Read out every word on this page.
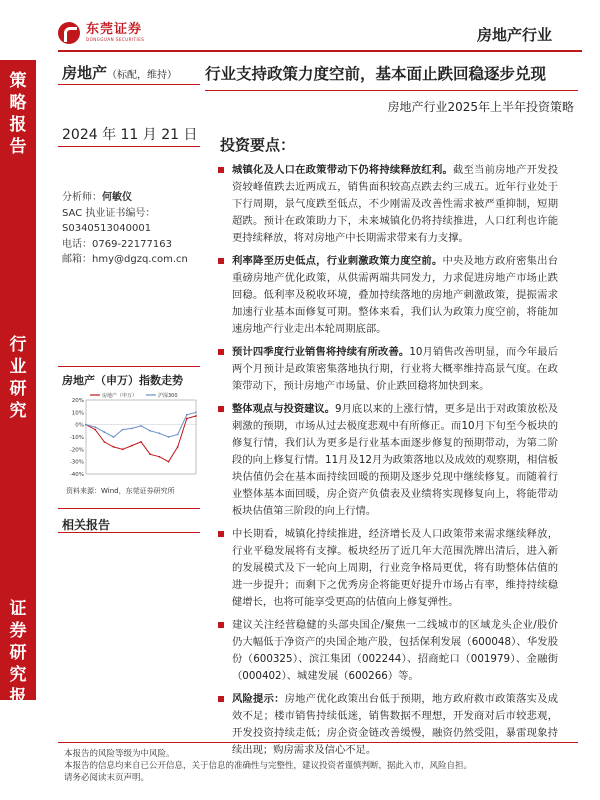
东莞证券
DONGGUAN SECURITIES	房地产行业
策
略
报
告
行
业
研
究
证
券
研
究
报
告
房地产（标配，维持）
2024 年 11 月 21 日
分析师：何敏仪
SAC 执业证书编号：
S0340513040001
电话：0769-22177163
邮箱：hmy@dgzq.com.cn
房地产（申万）指数走势
20%
10%
0%
-10%
-20%
-30%
-40%
房地产（申万）	沪深300
资料来源：Wind，东莞证券研究所
相关报告
行业支持政策力度空前，基本面止跌回稳逐步兑现
房地产行业2025年上半年投资策略
投资要点：
城镇化及人口在政策带动下仍将持续释放红利。截至当前房地产开发投资较峰值跌去近两成五，销售面积较高点跌去约三成五。近年行业处于下行周期，景气度跌至低点，不少刚需及改善性需求被严重抑制，短期超跌。预计在政策助力下，未来城镇化仍将持续推进，人口红利也许能更持续释放，将对房地产中长期需求带来有力支撑。
利率降至历史低点，行业刺激政策力度空前。中央及地方政府密集出台重磅房地产优化政策，从供需两端共同发力，力求促进房地产市场止跌回稳。低利率及税收环境，叠加持续落地的房地产刺激政策，提振需求加速行业基本面修复可期。整体来看，我们认为政策力度空前，将能加速房地产行业走出本轮周期底部。
预计四季度行业销售将持续有所改善。10月销售改善明显，而今年最后两个月预计是政策密集落地执行期，行业将大概率维持高景气度。在政策带动下，预计房地产市场量、价止跌回稳将加快到来。
整体观点与投资建议。9月底以来的上涨行情，更多是出于对政策放松及刺激的预期，市场从过去极度悲观中有所修正。而10月下旬至今板块的修复行情，我们认为更多是行业基本面逐步修复的预期带动，为第二阶段的向上修复行情。11月及12月为政策落地以及成效的观察期，相信板块估值仍会在基本面持续回暖的预期及逐步兑现中继续修复。而随着行业整体基本面回暖，房企资产负债表及业绩将实现修复向上，将能带动板块估值第三阶段的向上行情。
中长期看，城镇化持续推进，经济增长及人口政策带来需求继续释放，行业平稳发展将有支撑。板块经历了近几年大范围洗牌出清后，进入新的发展模式及下一轮向上周期，行业竞争格局更优，将有助整体估值的进一步提升；而剩下之优秀房企将能更好提升市场占有率，维持持续稳健增长，也将可能享受更高的估值向上修复弹性。
建议关注经营稳健的头部央国企/聚焦一二线城市的区域龙头企业/股价仍大幅低于净资产的央国企地产股，包括保利发展（600048）、华发股份（600325）、滨江集团（002244）、招商蛇口（001979）、金融街（000402）、城建发展（600266）等。
风险提示：房地产优化政策出台低于预期，地方政府救市政策落实及成效不足；楼市销售持续低迷，销售数据不理想，开发商对后市较悲观，开发投资持续走低；房企资金链改善缓慢，融资仍然受阻，暴雷现象持续出现；购房需求及信心不足。
本报告的风险等级为中风险。
本报告的信息均来自已公开信息，关于信息的准确性与完整性，建议投资者谨慎判断，据此入市，风险自担。
请务必阅读末页声明。
